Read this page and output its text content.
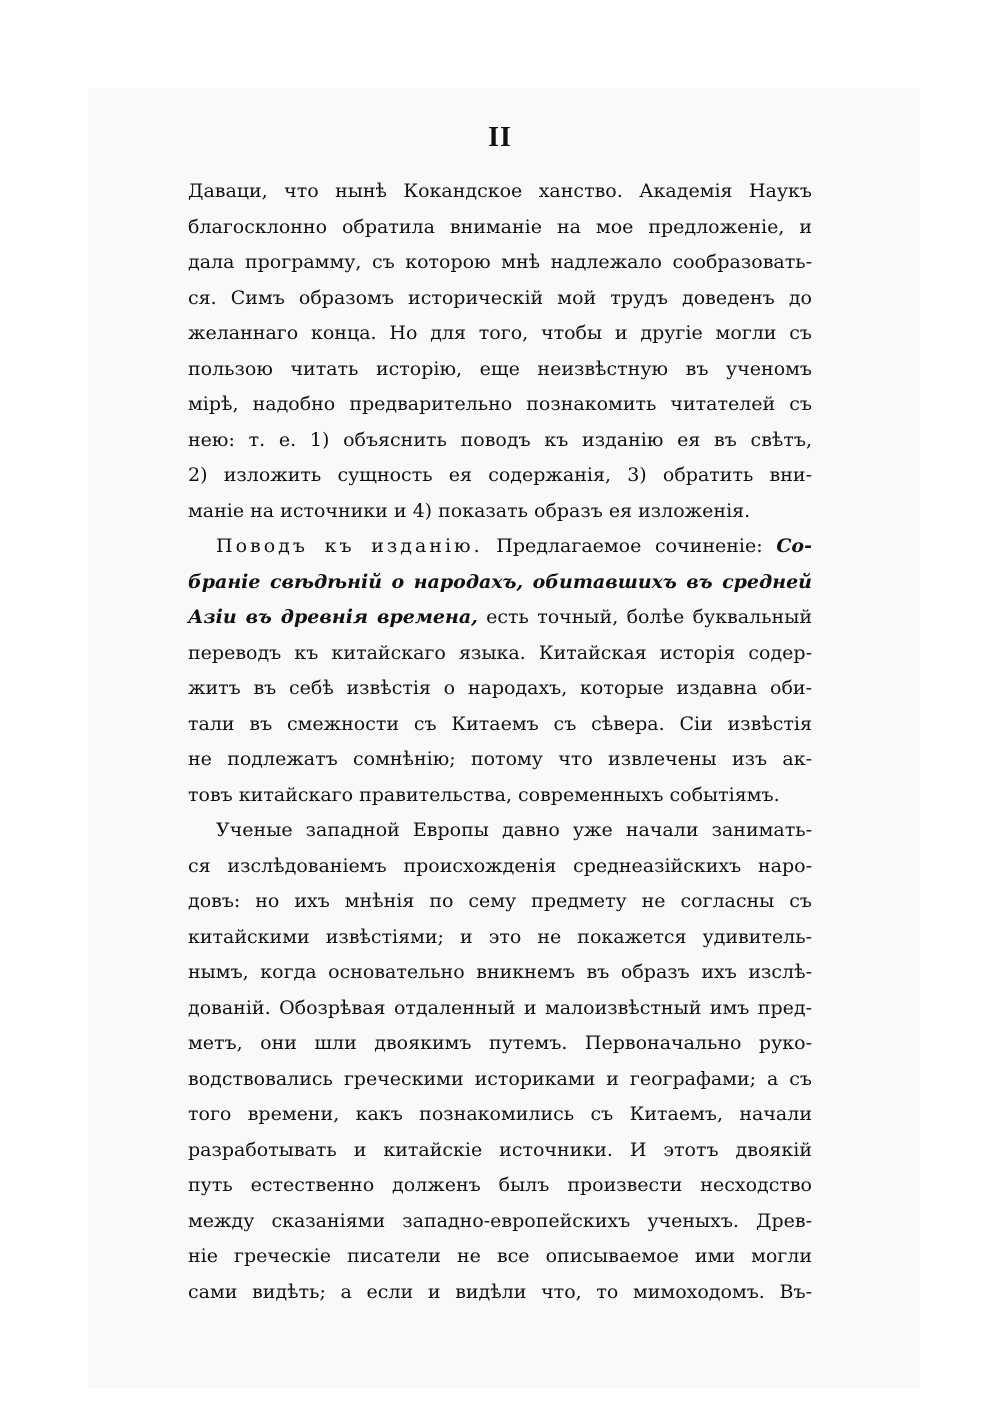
II
Даваци, что нынѣ Кокандское ханство. Академія Наукъ
благосклонно обратила вниманіе на мое предложеніе, и
дала программу, съ которою мнѣ надлежало сообразовать-
ся. Симъ образомъ историческій мой трудъ доведенъ до
желаннаго конца. Но для того, чтобы и другіе могли съ
пользою читать исторію, еще неизвѣстную въ ученомъ
мірѣ, надобно предварительно познакомить читателей съ
нею: т. е. 1) объяснить поводъ къ изданію ея въ свѣтъ,
2) изложить сущность ея содержанія, 3) обратить вни-
маніе на источники и 4) показать образъ ея изложенія.
Поводъ къ изданію. Предлагаемое сочиненіе: Со-
браніе свѣдѣній о народахъ, обитавшихъ въ средней
Азіи въ древнія времена, есть точный, болѣе буквальный
переводъ къ китайскаго языка. Китайская исторія содер-
житъ въ себѣ извѣстія о народахъ, которые издавна оби-
тали въ смежности съ Китаемъ съ сѣвера. Сіи извѣстія
не подлежатъ сомнѣнію; потому что извлечены изъ ак-
товъ китайскаго правительства, современныхъ событіямъ.
Ученые западной Европы давно уже начали занимать-
ся изслѣдованіемъ происхожденія среднеазійскихъ наро-
довъ: но ихъ мнѣнія по сему предмету не согласны съ
китайскими извѣстіями; и это не покажется удивитель-
нымъ, когда основательно вникнемъ въ образъ ихъ изслѣ-
дованій. Обозрѣвая отдаленный и малоизвѣстный имъ пред-
метъ, они шли двоякимъ путемъ. Первоначально руко-
водствовались греческими историками и географами; а съ
того времени, какъ познакомились съ Китаемъ, начали
разработывать и китайскіе источники. И этотъ двоякій
путь естественно долженъ былъ произвести несходство
между сказаніями западно-европейскихъ ученыхъ. Древ-
ніе греческіе писатели не все описываемое ими могли
сами видѣть; а если и видѣли что, то мимоходомъ. Въ-
